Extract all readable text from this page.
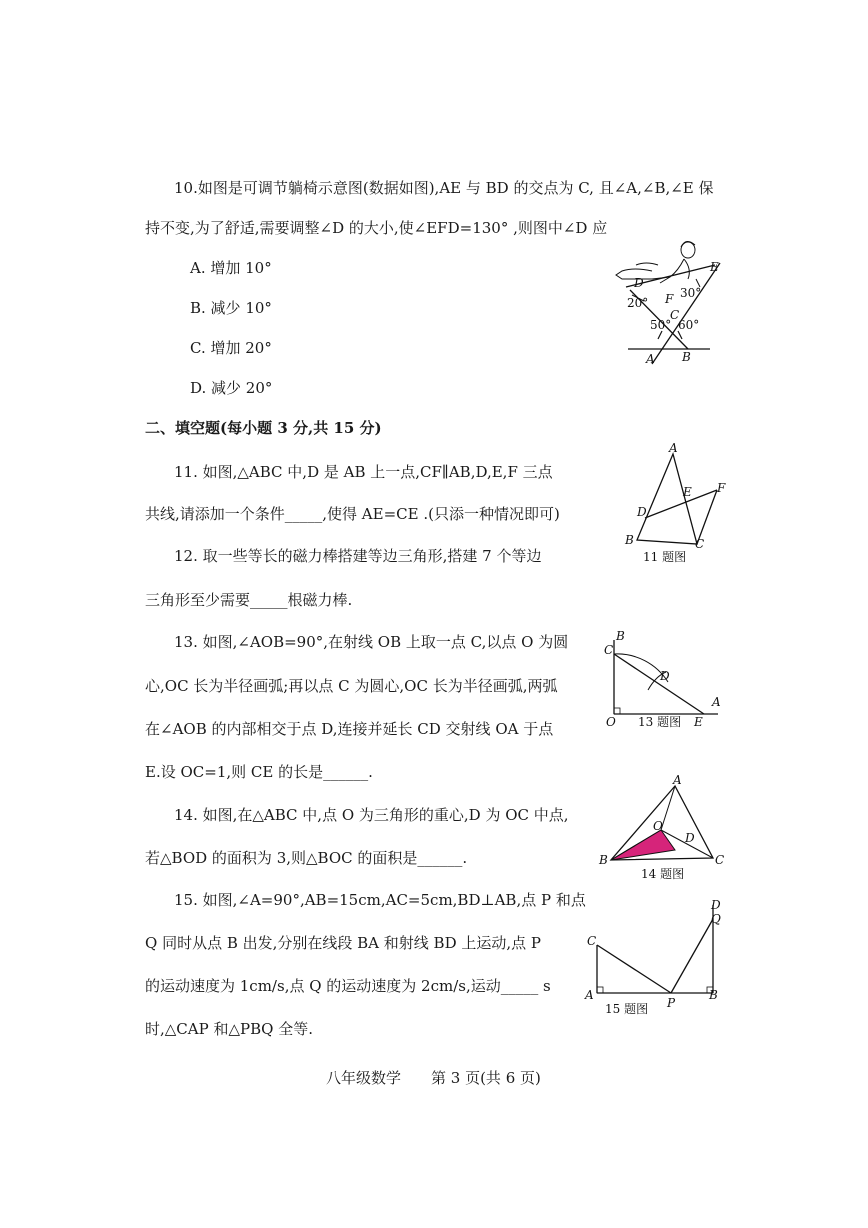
10.如图是可调节躺椅示意图(数据如图),AE 与 BD 的交点为 C, 且∠A,∠B,∠E 保
持不变,为了舒适,需要调整∠D 的大小,使∠EFD=130° ,则图中∠D 应
A. 增加 10°
B. 减少 10°
C. 增加 20°
D. 减少 20°
D
E
F
C
A B
20°
30°
50° 60°
二、填空题(每小题 3 分,共 15 分)
11. 如图,△ABC 中,D 是 AB 上一点,CF∥AB,D,E,F 三点
共线,请添加一个条件_____,使得 AE=CE .(只添一种情况即可)
A
E F
D
B	C
11 题图
12. 取一些等长的磁力棒搭建等边三角形,搭建 7 个等边
三角形至少需要_____根磁力棒.
13. 如图,∠AOB=90°,在射线 OB 上取一点 C,以点 O 为圆
心,OC 长为半径画弧;再以点 C 为圆心,OC 长为半径画弧,两弧
在∠AOB 的内部相交于点 D,连接并延长 CD 交射线 OA 于点
E.设 OC=1,则 CE 的长是______.
B
C
D
A
O	E
13 题图
14. 如图,在△ABC 中,点 O 为三角形的重心,D 为 OC 中点,
若△BOD 的面积为 3,则△BOC 的面积是______.
A
O
D
B	C
14 题图
15. 如图,∠A=90°,AB=15cm,AC=5cm,BD⊥AB,点 P 和点
Q 同时从点 B 出发,分别在线段 BA 和射线 BD 上运动,点 P
的运动速度为 1cm/s,点 Q 的运动速度为 2cm/s,运动_____ s
时,△CAP 和△PBQ 全等.
D
Q
C
A
P
B
15 题图
八年级数学　　第 3 页(共 6 页)
